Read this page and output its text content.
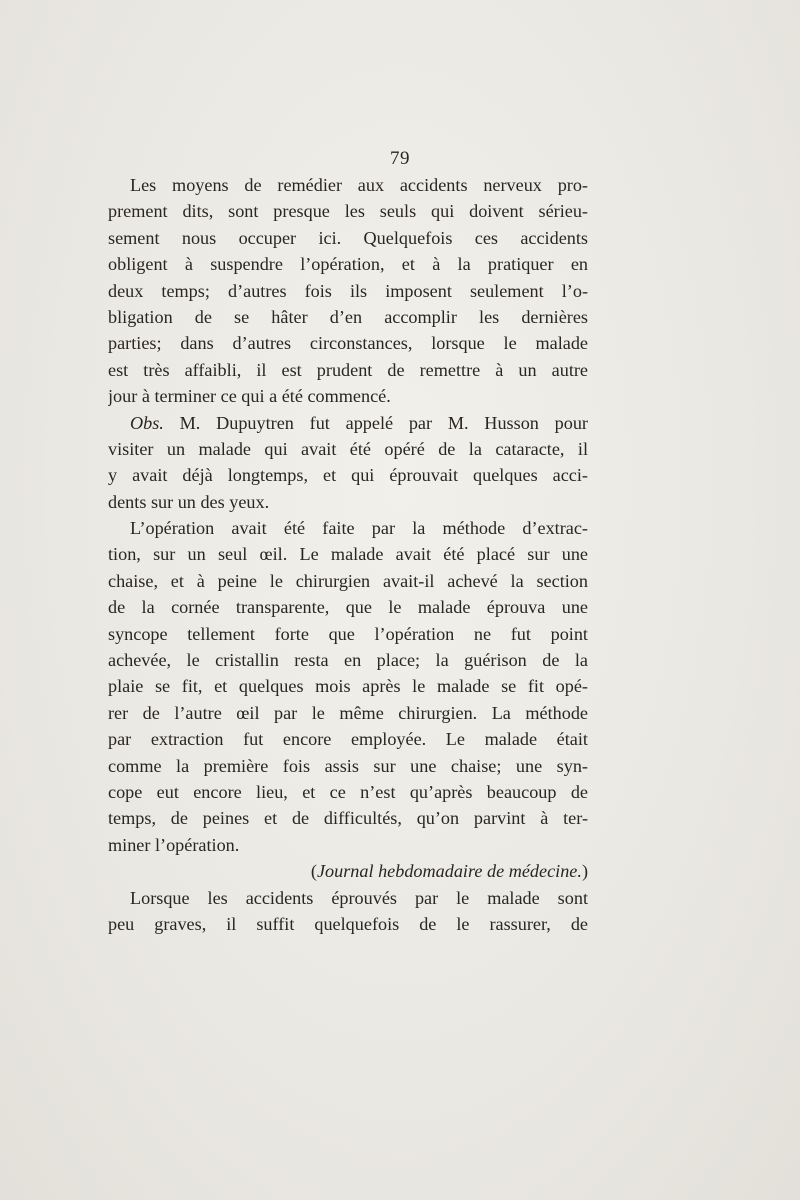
79
Les moyens de remédier aux accidents nerveux pro-
prement dits, sont presque les seuls qui doivent sérieu-
sement nous occuper ici. Quelquefois ces accidents
obligent à suspendre l’opération, et à la pratiquer en
deux temps; d’autres fois ils imposent seulement l’o-
bligation de se hâter d’en accomplir les dernières
parties; dans d’autres circonstances, lorsque le malade
est très affaibli, il est prudent de remettre à un autre
jour à terminer ce qui a été commencé.
Obs. M. Dupuytren fut appelé par M. Husson pour
visiter un malade qui avait été opéré de la cataracte, il
y avait déjà longtemps, et qui éprouvait quelques acci-
dents sur un des yeux.
L’opération avait été faite par la méthode d’extrac-
tion, sur un seul œil. Le malade avait été placé sur une
chaise, et à peine le chirurgien avait-il achevé la section
de la cornée transparente, que le malade éprouva une
syncope tellement forte que l’opération ne fut point
achevée, le cristallin resta en place; la guérison de la
plaie se fit, et quelques mois après le malade se fit opé-
rer de l’autre œil par le même chirurgien. La méthode
par extraction fut encore employée. Le malade était
comme la première fois assis sur une chaise; une syn-
cope eut encore lieu, et ce n’est qu’après beaucoup de
temps, de peines et de difficultés, qu’on parvint à ter-
miner l’opération.
(Journal hebdomadaire de médecine.)
Lorsque les accidents éprouvés par le malade sont
peu graves, il suffit quelquefois de le rassurer, de
